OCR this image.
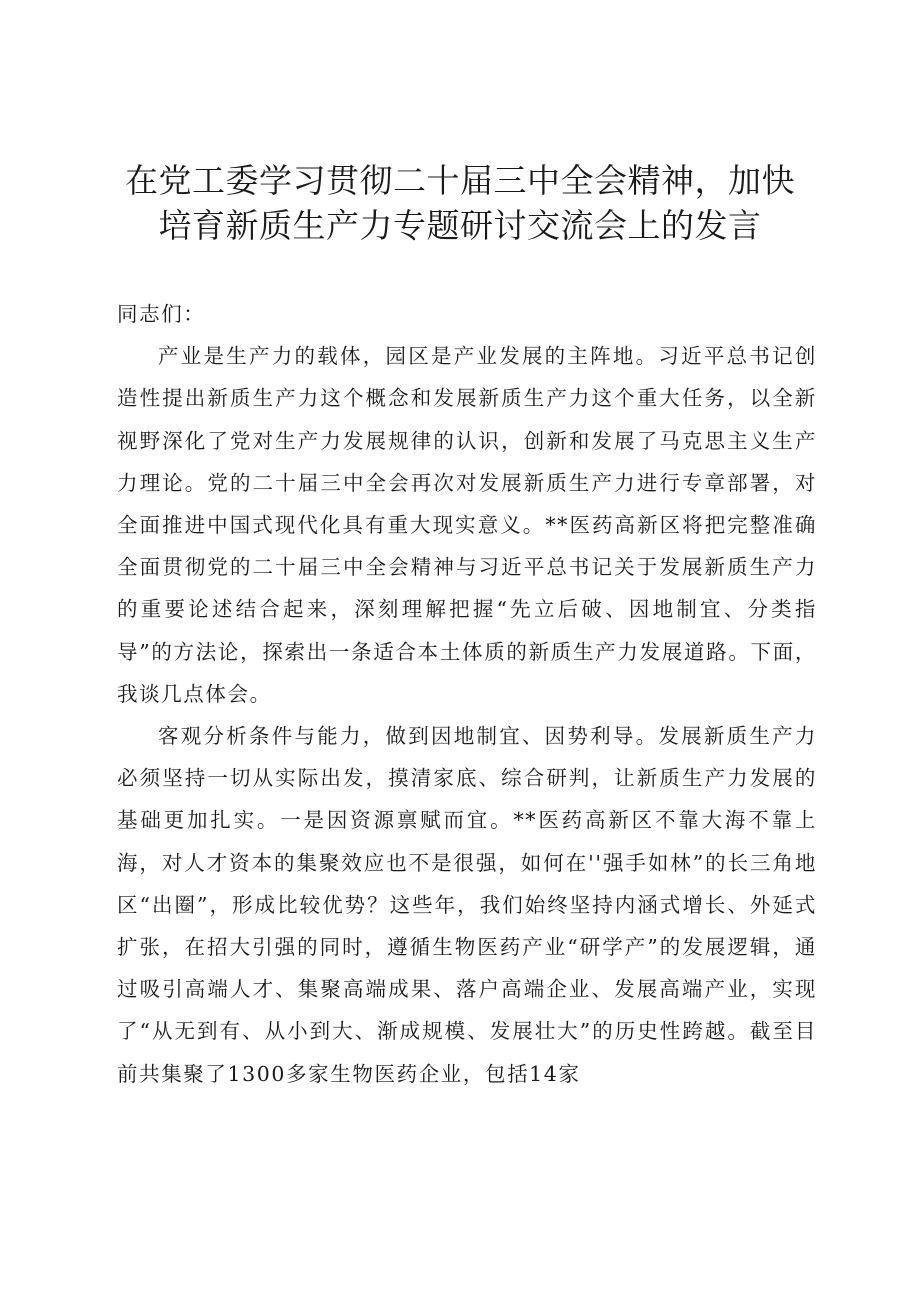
在党工委学习贯彻二十届三中全会精神，加快
培育新质生产力专题研讨交流会上的发言

同志们：

产业是生产力的载体，园区是产业发展的主阵地。习近平总书记创造性提出新质生产力这个概念和发展新质生产力这个重大任务，以全新视野深化了党对生产力发展规律的认识，创新和发展了马克思主义生产力理论。党的二十届三中全会再次对发展新质生产力进行专章部署，对全面推进中国式现代化具有重大现实意义。**医药高新区将把完整准确全面贯彻党的二十届三中全会精神与习近平总书记关于发展新质生产力的重要论述结合起来，深刻理解把握“先立后破、因地制宜、分类指导”的方法论，探索出一条适合本土体质的新质生产力发展道路。下面，我谈几点体会。

客观分析条件与能力，做到因地制宜、因势利导。发展新质生产力必须坚持一切从实际出发，摸清家底、综合研判，让新质生产力发展的基础更加扎实。一是因资源禀赋而宜。**医药高新区不靠大海不靠上海，对人才资本的集聚效应也不是很强，如何在''强手如林”的长三角地区“出圈”，形成比较优势？这些年，我们始终坚持内涵式增长、外延式扩张，在招大引强的同时，遵循生物医药产业“研学产”的发展逻辑，通过吸引高端人才、集聚高端成果、落户高端企业、发展高端产业，实现了“从无到有、从小到大、渐成规模、发展壮大”的历史性跨越。截至目前共集聚了1300多家生物医药企业，包括14家
